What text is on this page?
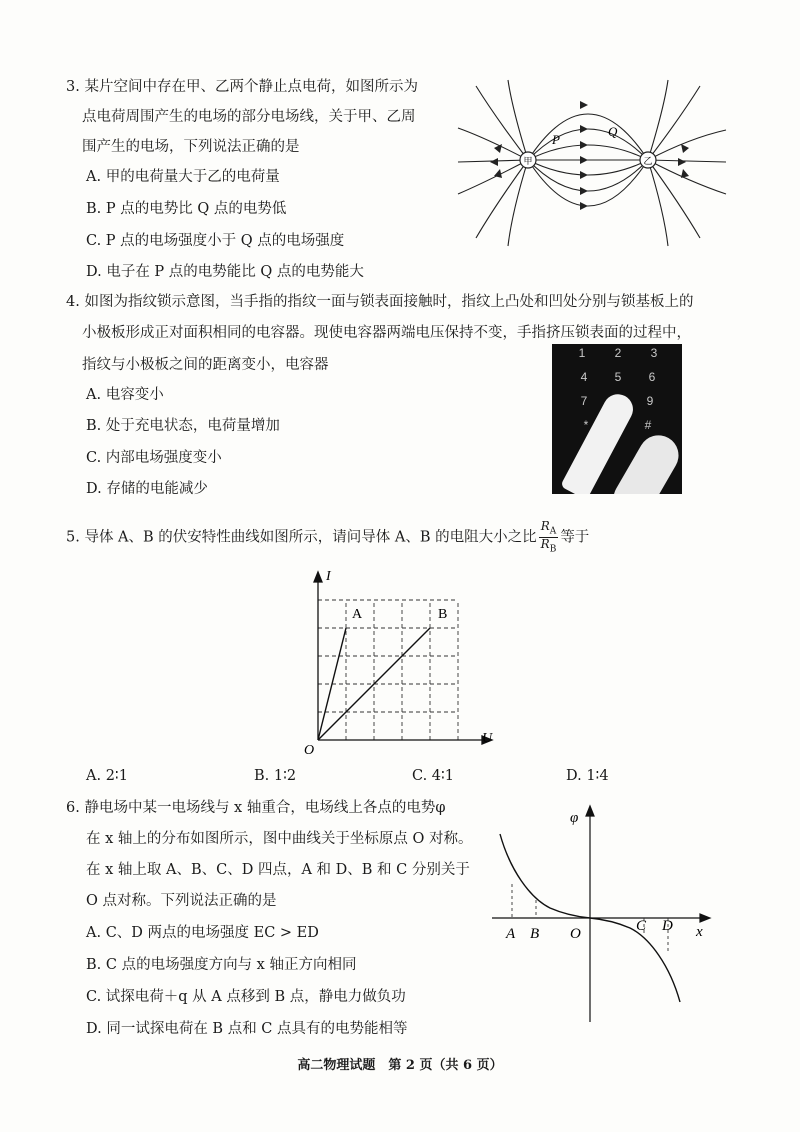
3. 某片空间中存在甲、乙两个静止点电荷，如图所示为
点电荷周围产生的电场的部分电场线，关于甲、乙周
围产生的电场，下列说法正确的是
A. 甲的电荷量大于乙的电荷量
B. P 点的电势比 Q 点的电势低
C. P 点的电场强度小于 Q 点的电场强度
D. 电子在 P 点的电势能比 Q 点的电势能大
甲	乙
P
Q
4. 如图为指纹锁示意图，当手指的指纹一面与锁表面接触时，指纹上凸处和凹处分别与锁基板上的
小极板形成正对面积相同的电容器。现使电容器两端电压保持不变，手指挤压锁表面的过程中，
指纹与小极板之间的距离变小，电容器
A. 电容变小
B. 处于充电状态，电荷量增加
C. 内部电场强度变小
D. 存储的电能减少
1	2	3
4	5	6
7	9
*	#
5. 导体 A、B 的伏安特性曲线如图所示，请问导体 A、B 的电阻大小之比 $\frac{R_A}{R_B}$ 等于
I
U
O
A	B
A. 2∶1	B. 1∶2	C. 4∶1	D. 1∶4
6. 静电场中某一电场线与 x 轴重合，电场线上各点的电势φ
在 x 轴上的分布如图所示，图中曲线关于坐标原点 O 对称。
在 x 轴上取 A、B、C、D 四点，A 和 D、B 和 C 分别关于
O 点对称。下列说法正确的是
A. C、D 两点的电场强度 EC > ED
B. C 点的电场强度方向与 x 轴正方向相同
C. 试探电荷＋q 从 A 点移到 B 点，静电力做负功
D. 同一试探电荷在 B 点和 C 点具有的电势能相等
φ
x
O
A B	C D
高二物理试题　第 2 页（共 6 页）
